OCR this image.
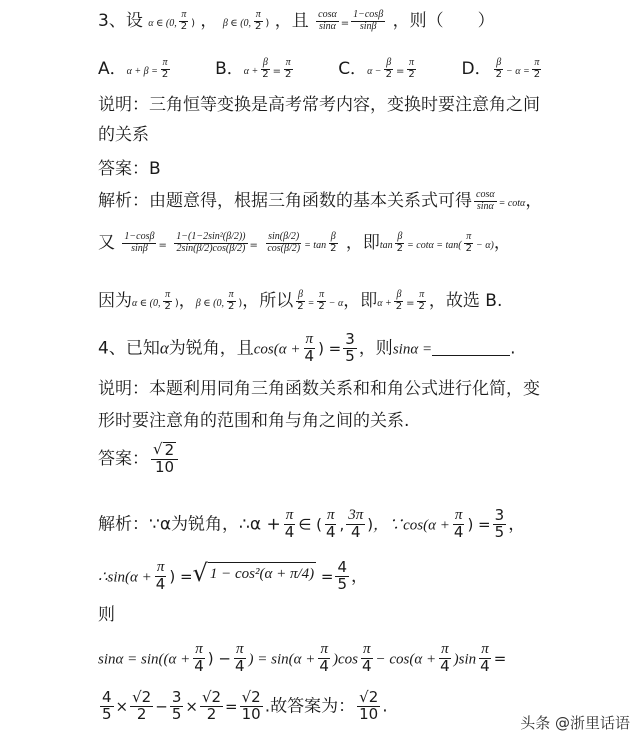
3、设 α ∈ (0, $\frac{\pi}{2}$ ) ， β ∈ (0, $\frac{\pi}{2}$ ) ，且 $\frac{\cos\alpha}{\sin\alpha} = \frac{1-\cos\beta}{\sin\beta}$ ，则（　　）
A．$\alpha + \beta = \frac{\pi}{2}$	B．$\alpha + \frac{\beta}{2} = \frac{\pi}{2}$	C．$\alpha - \frac{\beta}{2} = \frac{\pi}{2}$	D． $\frac{\beta}{2} - \alpha = \frac{\pi}{2}$
说明：三角恒等变换是高考常考内容，变换时要注意角之间
的关系
答案：B
解析：由题意得，根据三角函数的基本关系式可得 $\frac{\cos\alpha}{\sin\alpha} = \cot\alpha$，
又 $\frac{1-\cos\beta}{\sin\beta} = \frac{\text{1−(1−2sin²(β/2))}}{2\sin(\beta/2)\cos(\beta/2)} = \frac{\sin(\beta/2)}{\cos(\beta/2)} = \tan \frac{\beta}{2}$ ，即$\tan \frac{\beta}{2} = \cot\alpha = \tan( \frac{\pi}{2} - \alpha)$，
因为α ∈ (0, $\frac{\pi}{2}$ )，β ∈ (0, $\frac{\pi}{2}$ )，所以 $\frac{\beta}{2} = \frac{\pi}{2} - \alpha$，即$\alpha + \frac{\beta}{2} = \frac{\pi}{2}$ ，故选 B.
4、已知α为锐角，且$\cos(\alpha + \frac{\pi}{4}$ ) = $\frac{3}{5}$ ，则sinα =	.
说明：本题利用同角三角函数关系和和角公式进行化简，变
形时要注意角的范围和角与角之间的关系.
答案： $\frac{√ 2}{10}$
解析：∵α为锐角，∴α + $\frac{\pi}{4}$ ∈ ( $\frac{\pi}{4}$ , $\frac{3\pi}{4}$ )，∵cos(α + $\frac{\pi}{4}$ ) = $\frac{3}{5}$ ，
∴sin(α + $\frac{\pi}{4}$ ) = √ $1 - \cos^2(\alpha + \pi/4) = \frac{4}{5}$ ，
则
$\sin\alpha = \sin((\alpha + \frac{\pi}{4}$ ) − $\frac{\pi}{4}$ ) = $\sin(\alpha + \frac{\pi}{4} )\cos \frac{\pi}{4} - \cos(\alpha + \frac{\pi}{4} )\sin \frac{\pi}{4}$ =
$\frac{4}{5} \times \frac{√2}{2} - \frac{3}{5} \times \frac{√2}{2} = \frac{√2}{10}$ .故答案为： $\frac{√2}{10}$ .
头条 @浙里话语
